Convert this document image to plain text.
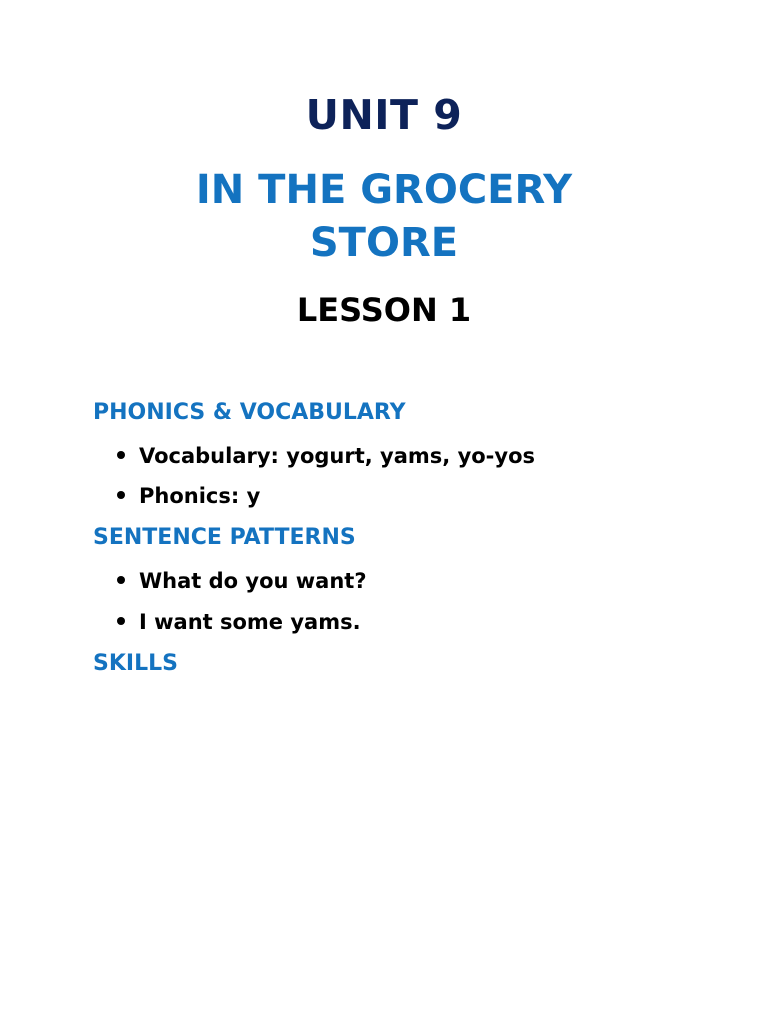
UNIT 9
IN THE GROCERY
STORE
LESSON 1
PHONICS & VOCABULARY
Vocabulary: yogurt, yams, yo-yos
Phonics: y
SENTENCE PATTERNS
What do you want?
I want some yams.
SKILLS
